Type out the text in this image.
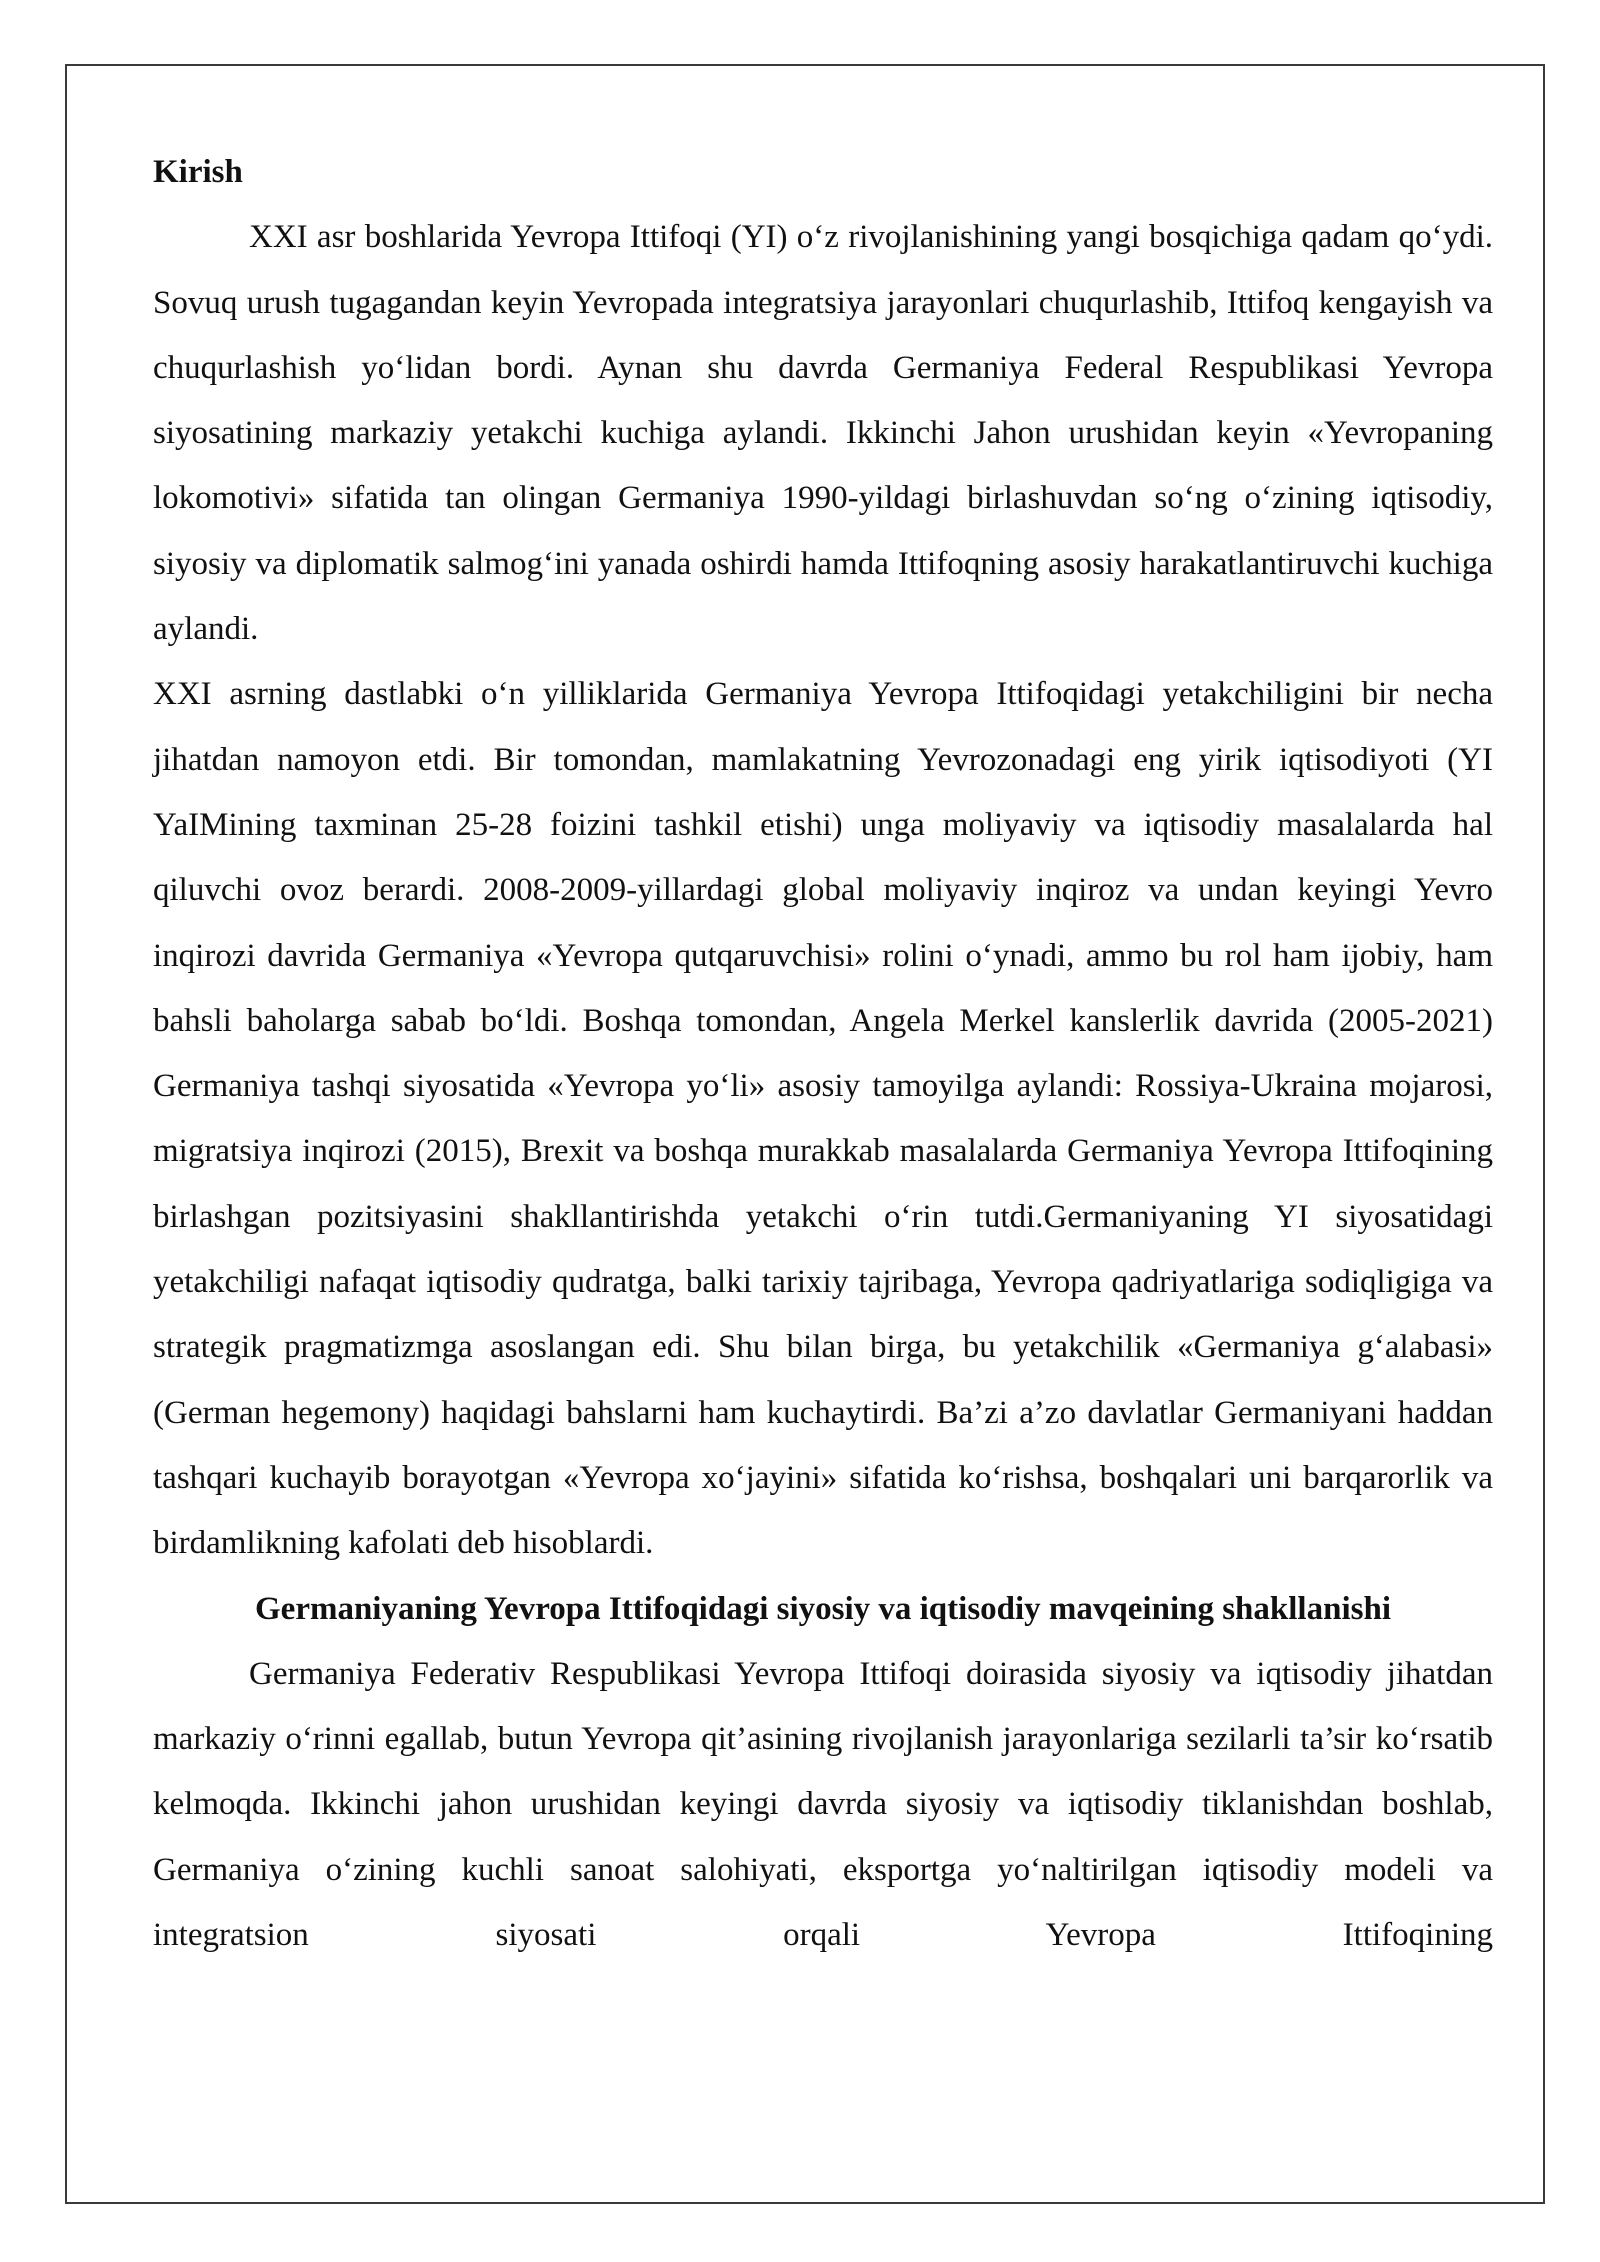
Kirish

XXI asr boshlarida Yevropa Ittifoqi (YI) o‘z rivojlanishining yangi bosqichiga qadam qo‘ydi. Sovuq urush tugagandan keyin Yevropada integratsiya jarayonlari chuqurlashib, Ittifoq kengayish va chuqurlashish yo‘lidan bordi. Aynan shu davrda Germaniya Federal Respublikasi Yevropa siyosatining markaziy yetakchi kuchiga aylandi. Ikkinchi Jahon urushidan keyin «Yevropaning lokomotivi» sifatida tan olingan Germaniya 1990-yildagi birlashuvdan so‘ng o‘zining iqtisodiy, siyosiy va diplomatik salmog‘ini yanada oshirdi hamda Ittifoqning asosiy harakatlantiruvchi kuchiga aylandi.

XXI asrning dastlabki o‘n yilliklarida Germaniya Yevropa Ittifoqidagi yetakchiligini bir necha jihatdan namoyon etdi. Bir tomondan, mamlakatning Yevrozonadagi eng yirik iqtisodiyoti (YI YaIMining taxminan 25-28 foizini tashkil etishi) unga moliyaviy va iqtisodiy masalalarda hal qiluvchi ovoz berardi. 2008-2009-yillardagi global moliyaviy inqiroz va undan keyingi Yevro inqirozi davrida Germaniya «Yevropa qutqaruvchisi» rolini o‘ynadi, ammo bu rol ham ijobiy, ham bahsli baholarga sabab bo‘ldi. Boshqa tomondan, Angela Merkel kanslerlik davrida (2005-2021) Germaniya tashqi siyosatida «Yevropa yo‘li» asosiy tamoyilga aylandi: Rossiya-Ukraina mojarosi, migratsiya inqirozi (2015), Brexit va boshqa murakkab masalalarda Germaniya Yevropa Ittifoqining birlashgan pozitsiyasini shakllantirishda yetakchi o‘rin tutdi.Germaniyaning YI siyosatidagi yetakchiligi nafaqat iqtisodiy qudratga, balki tarixiy tajribaga, Yevropa qadriyatlariga sodiqligiga va strategik pragmatizmga asoslangan edi. Shu bilan birga, bu yetakchilik «Germaniya g‘alabasi» (German hegemony) haqidagi bahslarni ham kuchaytirdi. Ba’zi a’zo davlatlar Germaniyani haddan tashqari kuchayib borayotgan «Yevropa xo‘jayini» sifatida ko‘rishsa, boshqalari uni barqarorlik va birdamlikning kafolati deb hisoblardi.

Germaniyaning Yevropa Ittifoqidagi siyosiy va iqtisodiy mavqeining shakllanishi

Germaniya Federativ Respublikasi Yevropa Ittifoqi doirasida siyosiy va iqtisodiy jihatdan markaziy o‘rinni egallab, butun Yevropa qit’asining rivojlanish jarayonlariga sezilarli ta’sir ko‘rsatib kelmoqda. Ikkinchi jahon urushidan keyingi davrda siyosiy va iqtisodiy tiklanishdan boshlab, Germaniya o‘zining kuchli sanoat salohiyati, eksportga yo‘naltirilgan iqtisodiy modeli va integratsion siyosati orqali Yevropa Ittifoqining
